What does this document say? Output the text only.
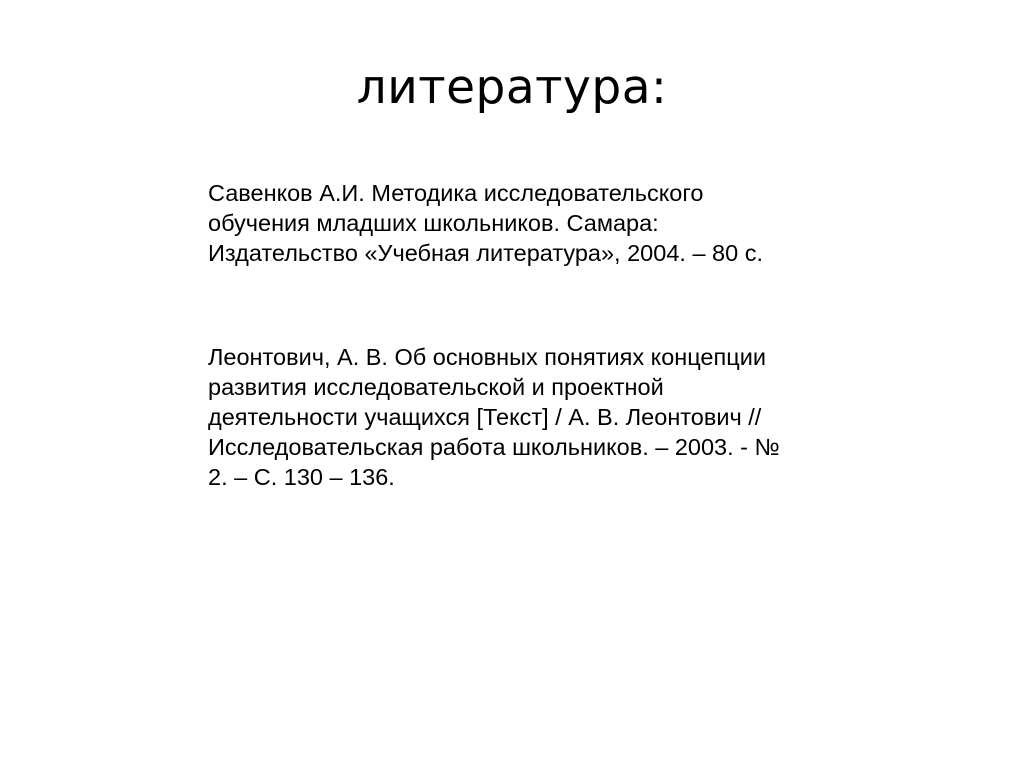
литература:

Савенков А.И. Методика исследовательского
обучения младших школьников. Самара:
Издательство «Учебная литература», 2004. – 80 с.

Леонтович, А. В. Об основных понятиях концепции
развития исследовательской и проектной
деятельности учащихся [Текст] / А. В. Леонтович //
Исследовательская работа школьников. – 2003. - №
2. – С. 130 – 136.
